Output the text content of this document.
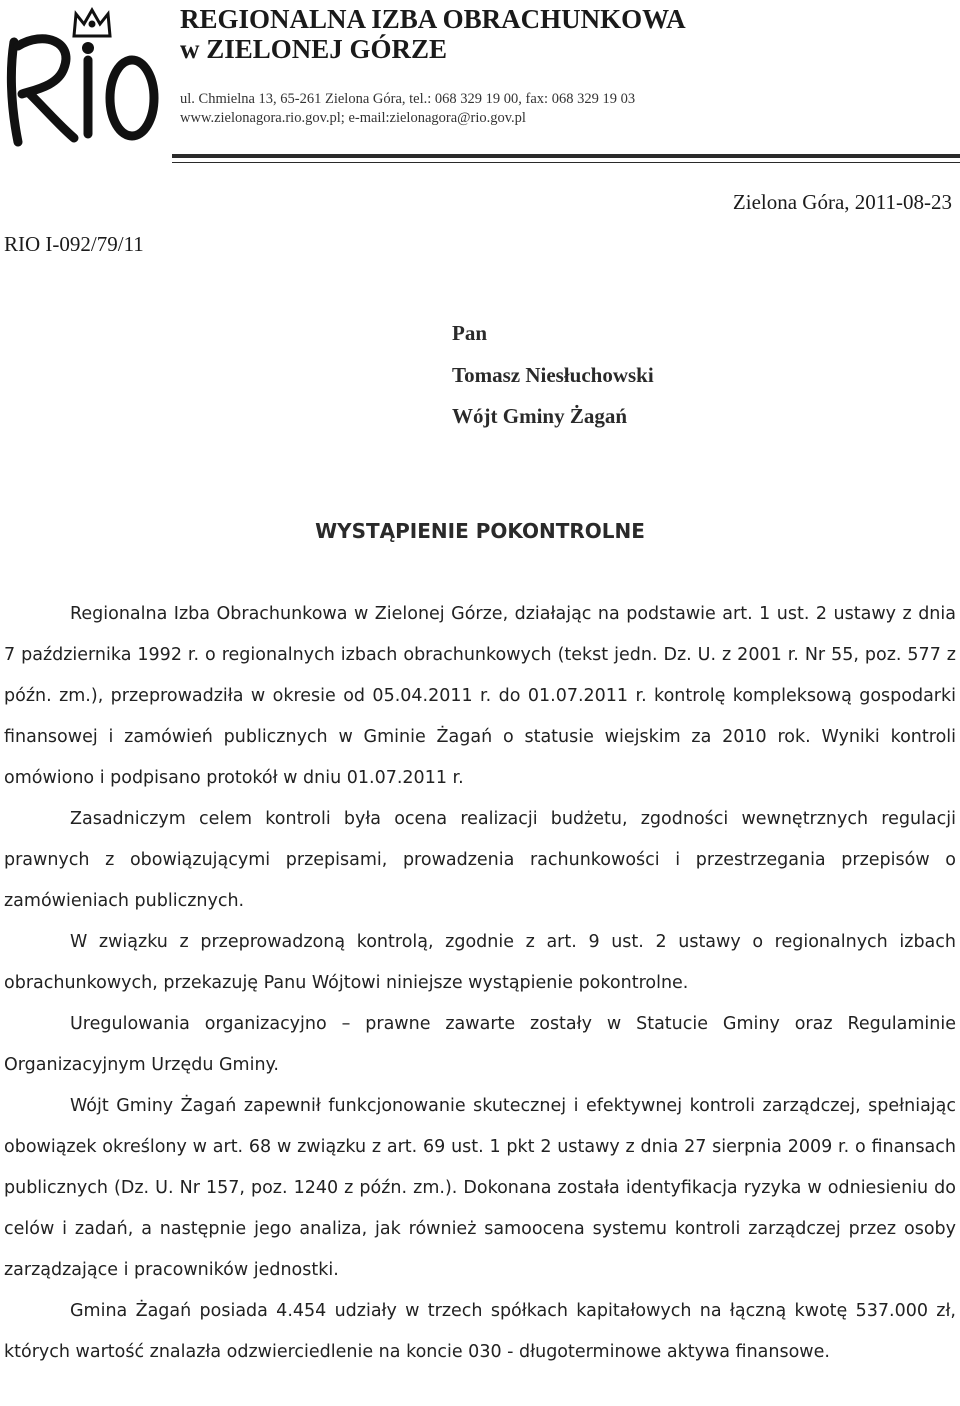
REGIONALNA IZBA OBRACHUNKOWA
w ZIELONEJ GÓRZE
ul. Chmielna 13, 65-261 Zielona Góra, tel.: 068 329 19 00, fax: 068 329 19 03
www.zielonagora.rio.gov.pl; e-mail:zielonagora@rio.gov.pl
Zielona Góra, 2011-08-23
RIO I-092/79/11
Pan
Tomasz Niesłuchowski
Wójt Gminy Żagań
WYSTĄPIENIE POKONTROLNE

Regionalna Izba Obrachunkowa w Zielonej Górze, działając na podstawie art. 1 ust. 2 ustawy z dnia 7 października 1992 r. o regionalnych izbach obrachunkowych (tekst jedn. Dz. U. z 2001 r. Nr 55, poz. 577 z późn. zm.), przeprowadziła w okresie od 05.04.2011 r. do 01.07.2011 r. kontrolę kompleksową gospodarki finansowej i zamówień publicznych w Gminie Żagań o statusie wiejskim za 2010 rok. Wyniki kontroli omówiono i podpisano protokół w dniu 01.07.2011 r.

Zasadniczym celem kontroli była ocena realizacji budżetu, zgodności wewnętrznych regulacji prawnych z obowiązującymi przepisami, prowadzenia rachunkowości i przestrzegania przepisów o zamówieniach publicznych.

W związku z przeprowadzoną kontrolą, zgodnie z art. 9 ust. 2 ustawy o regionalnych izbach obrachunkowych, przekazuję Panu Wójtowi niniejsze wystąpienie pokontrolne.

Uregulowania organizacyjno – prawne zawarte zostały w Statucie Gminy oraz Regulaminie Organizacyjnym Urzędu Gminy.

Wójt Gminy Żagań zapewnił funkcjonowanie skutecznej i efektywnej kontroli zarządczej, spełniając obowiązek określony w art. 68 w związku z art. 69 ust. 1 pkt 2 ustawy z dnia 27 sierpnia 2009 r. o finansach publicznych (Dz. U. Nr 157, poz. 1240 z późn. zm.). Dokonana została identyfikacja ryzyka w odniesieniu do celów i zadań, a następnie jego analiza, jak również samoocena systemu kontroli zarządczej przez osoby zarządzające i pracowników jednostki.

Gmina Żagań posiada 4.454 udziały w trzech spółkach kapitałowych na łączną kwotę 537.000 zł, których wartość znalazła odzwierciedlenie na koncie 030 - długoterminowe aktywa finansowe.
